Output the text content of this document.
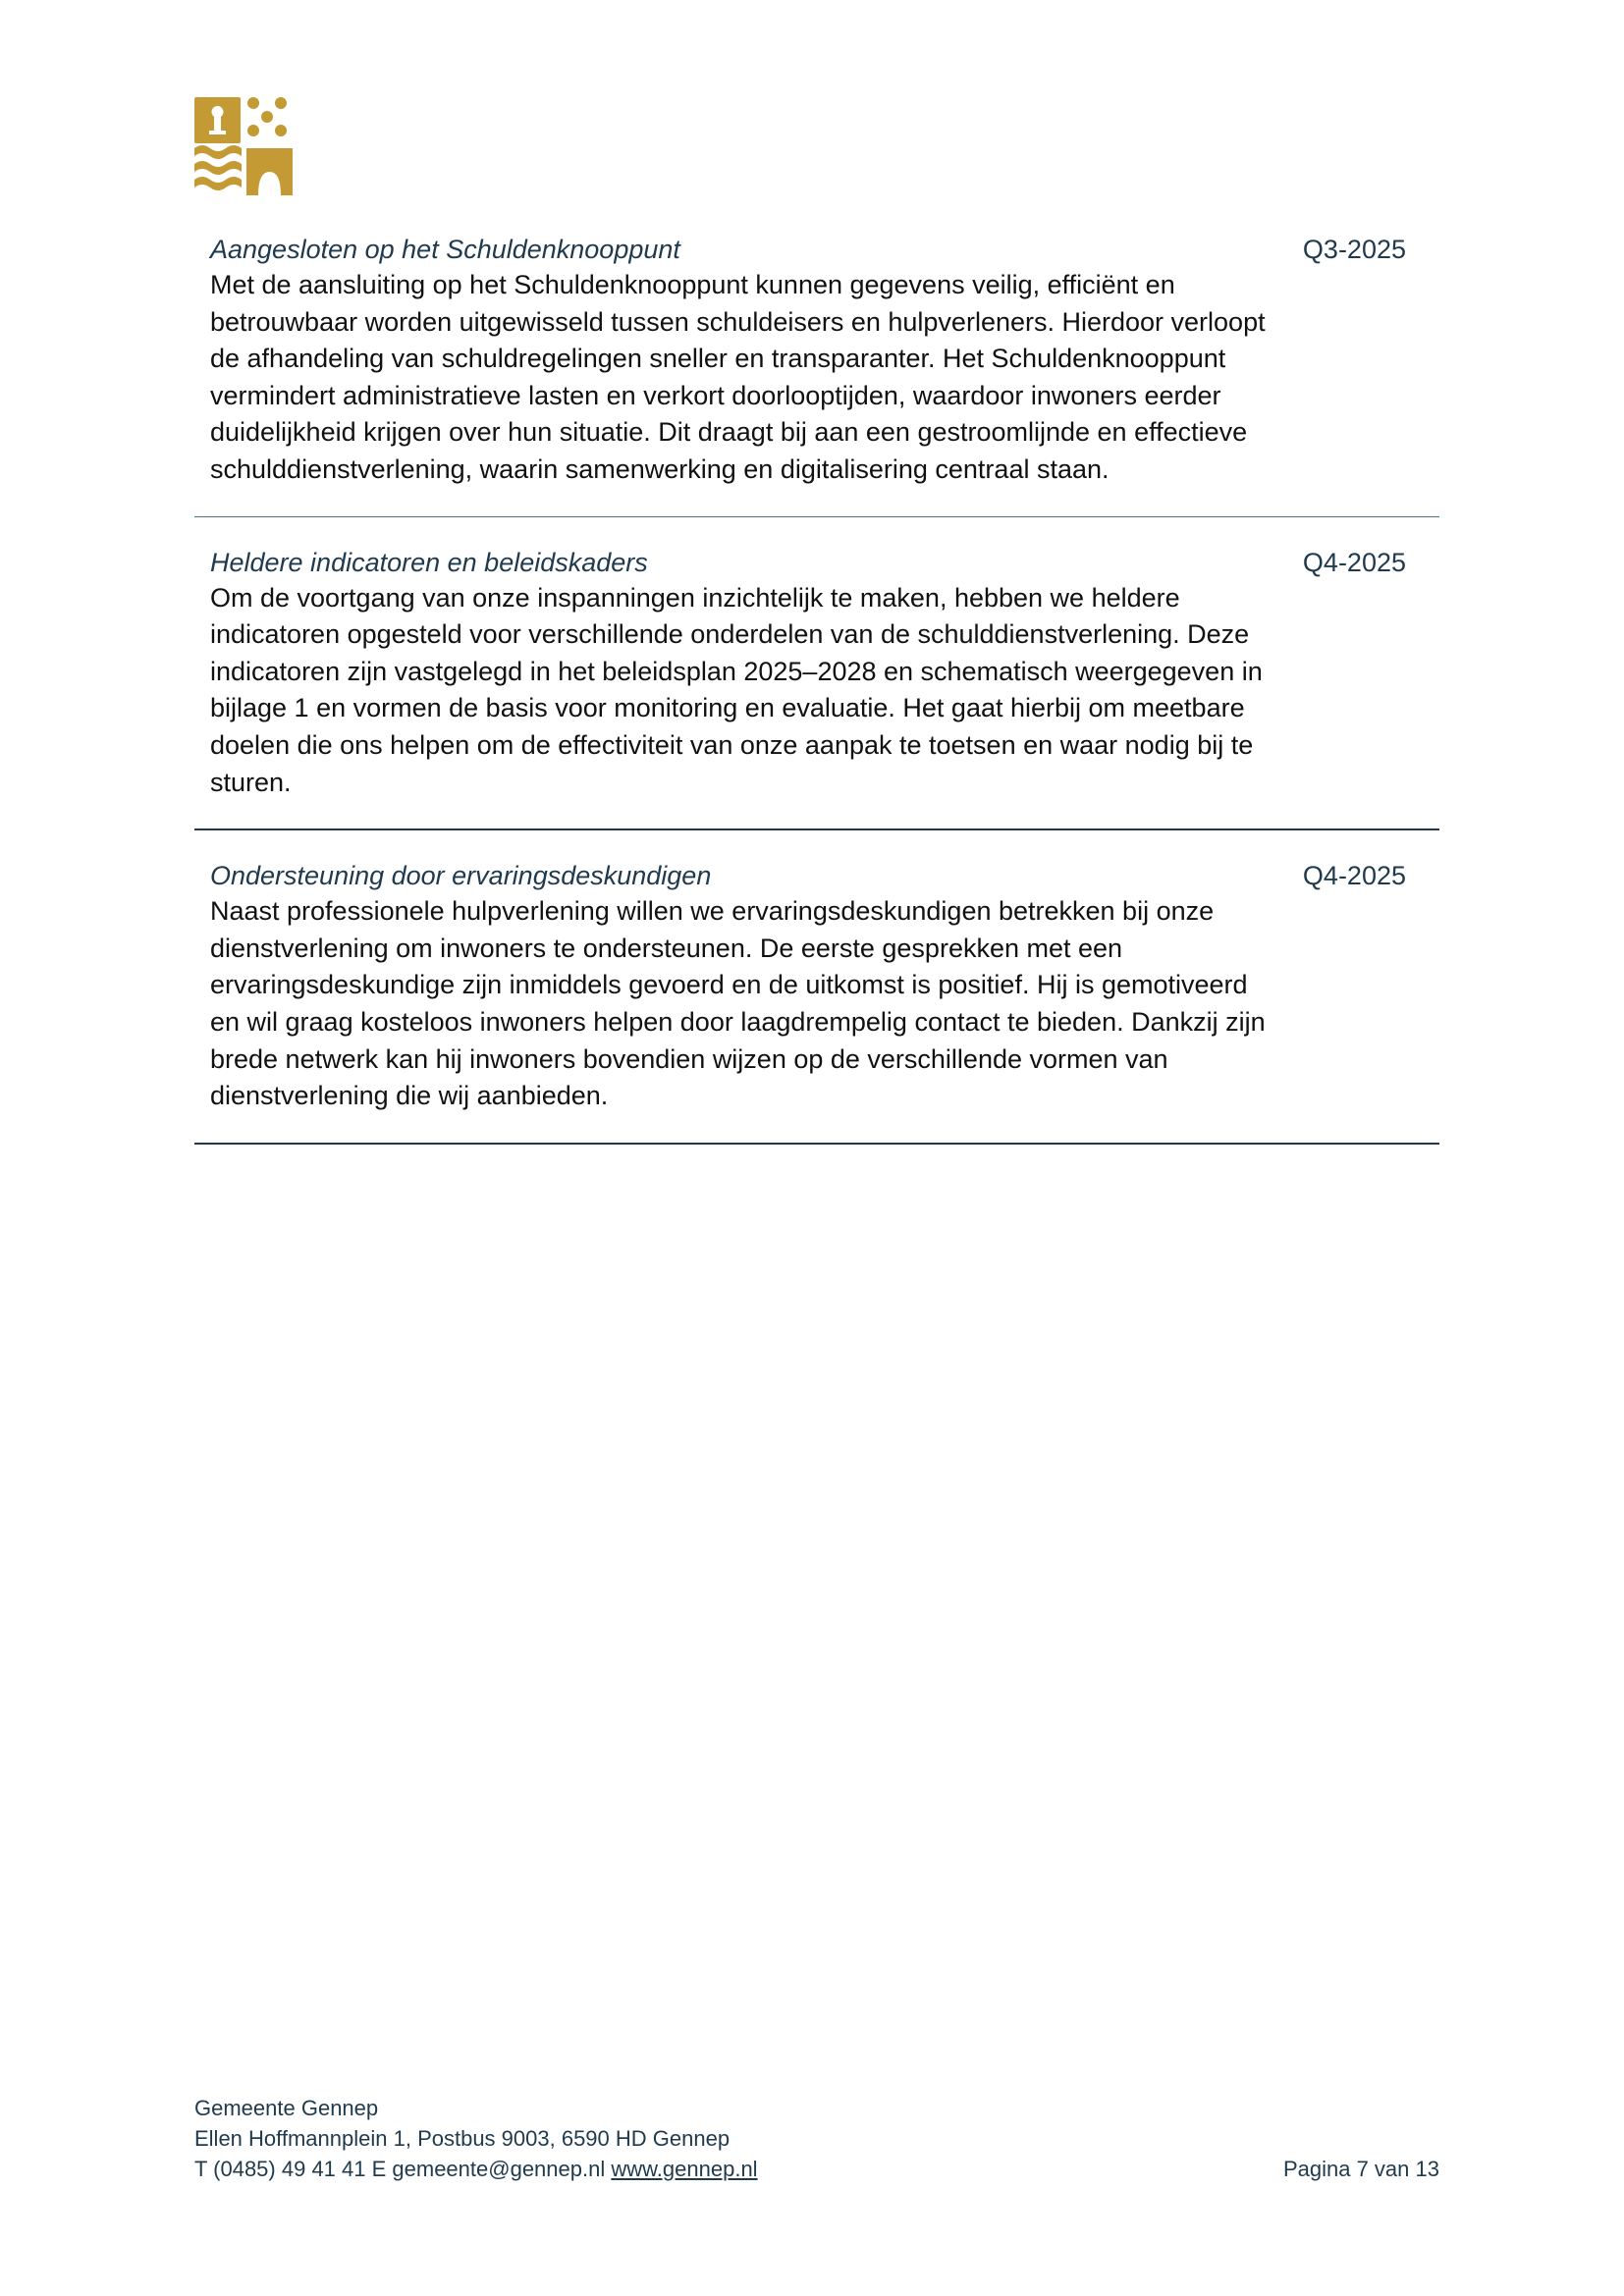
Aangesloten op het Schuldenknooppunt	Q3-2025

Met de aansluiting op het Schuldenknooppunt kunnen gegevens veilig, efficiënt en betrouwbaar worden uitgewisseld tussen schuldeisers en hulpverleners. Hierdoor verloopt de afhandeling van schuldregelingen sneller en transparanter. Het Schuldenknooppunt vermindert administratieve lasten en verkort doorlooptijden, waardoor inwoners eerder duidelijkheid krijgen over hun situatie. Dit draagt bij aan een gestroomlijnde en effectieve schulddienstverlening, waarin samenwerking en digitalisering centraal staan.

Heldere indicatoren en beleidskaders	Q4-2025

Om de voortgang van onze inspanningen inzichtelijk te maken, hebben we heldere indicatoren opgesteld voor verschillende onderdelen van de schulddienstverlening. Deze indicatoren zijn vastgelegd in het beleidsplan 2025–2028 en schematisch weergegeven in bijlage 1 en vormen de basis voor monitoring en evaluatie. Het gaat hierbij om meetbare doelen die ons helpen om de effectiviteit van onze aanpak te toetsen en waar nodig bij te sturen.

Ondersteuning door ervaringsdeskundigen	Q4-2025

Naast professionele hulpverlening willen we ervaringsdeskundigen betrekken bij onze dienstverlening om inwoners te ondersteunen. De eerste gesprekken met een ervaringsdeskundige zijn inmiddels gevoerd en de uitkomst is positief. Hij is gemotiveerd en wil graag kosteloos inwoners helpen door laagdrempelig contact te bieden. Dankzij zijn brede netwerk kan hij inwoners bovendien wijzen op de verschillende vormen van dienstverlening die wij aanbieden.

Gemeente Gennep
Ellen Hoffmannplein 1, Postbus 9003, 6590 HD Gennep
T (0485) 49 41 41 E gemeente@gennep.nl www.gennep.nl	Pagina 7 van 13
